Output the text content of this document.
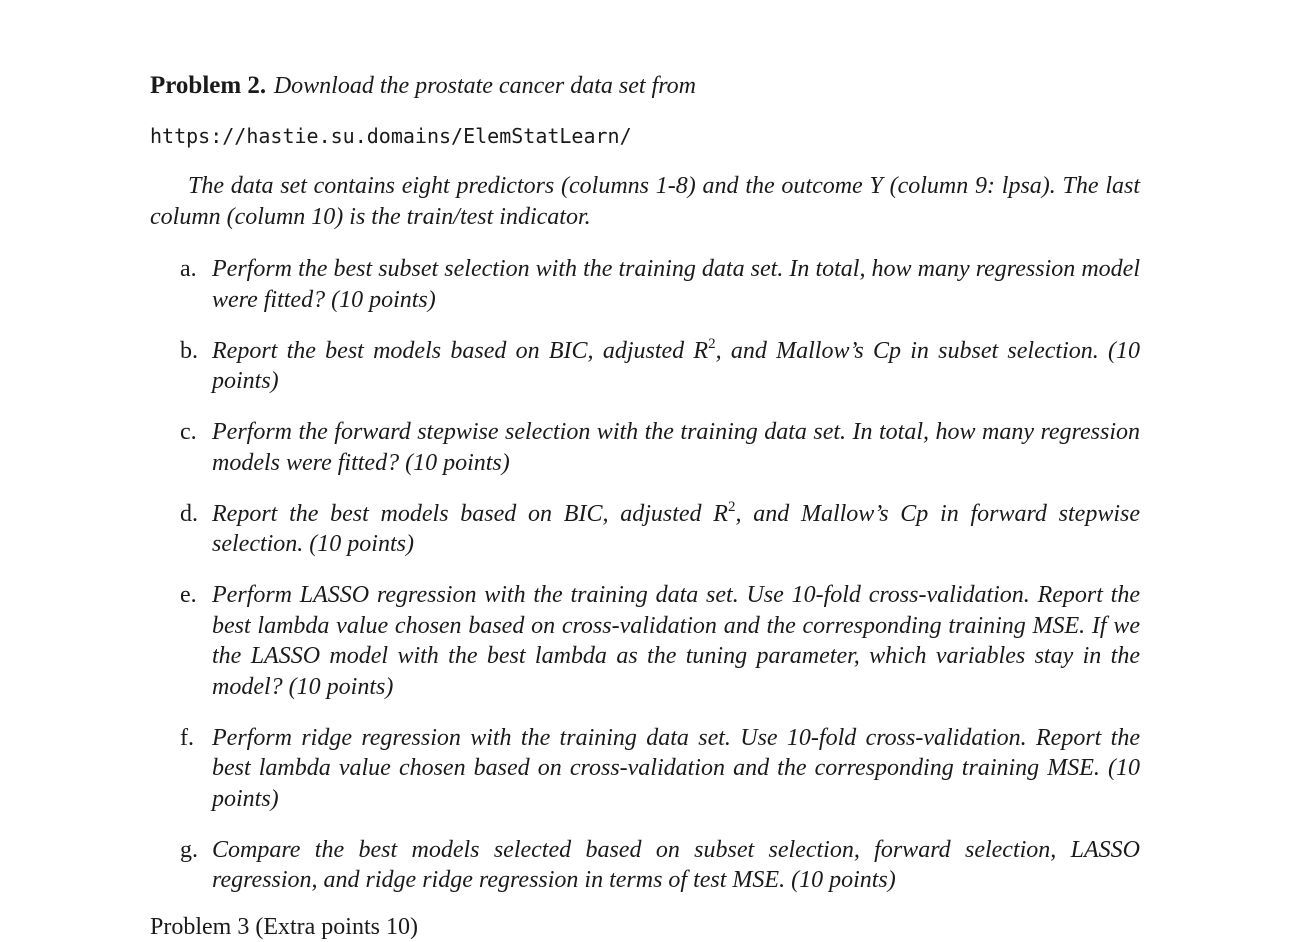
Problem 2. Download the prostate cancer data set from

https://hastie.su.domains/ElemStatLearn/

The data set contains eight predictors (columns 1-8) and the outcome Y (column 9: lpsa). The last column (column 10) is the train/test indicator.

a. Perform the best subset selection with the training data set. In total, how many regression model were fitted? (10 points)
b. Report the best models based on BIC, adjusted $R^2$, and Mallow’s Cp in subset selection. (10 points)
c. Perform the forward stepwise selection with the training data set. In total, how many regression models were fitted? (10 points)
d. Report the best models based on BIC, adjusted $R^2$, and Mallow’s Cp in forward stepwise selection. (10 points)
e. Perform LASSO regression with the training data set. Use 10-fold cross-validation. Report the best lambda value chosen based on cross-validation and the corresponding training MSE. If we the LASSO model with the best lambda as the tuning parameter, which variables stay in the model? (10 points)
f. Perform ridge regression with the training data set. Use 10-fold cross-validation. Report the best lambda value chosen based on cross-validation and the corresponding training MSE. (10 points)
g. Compare the best models selected based on subset selection, forward selection, LASSO regression, and ridge ridge regression in terms of test MSE. (10 points)
Problem 3 (Extra points 10)
